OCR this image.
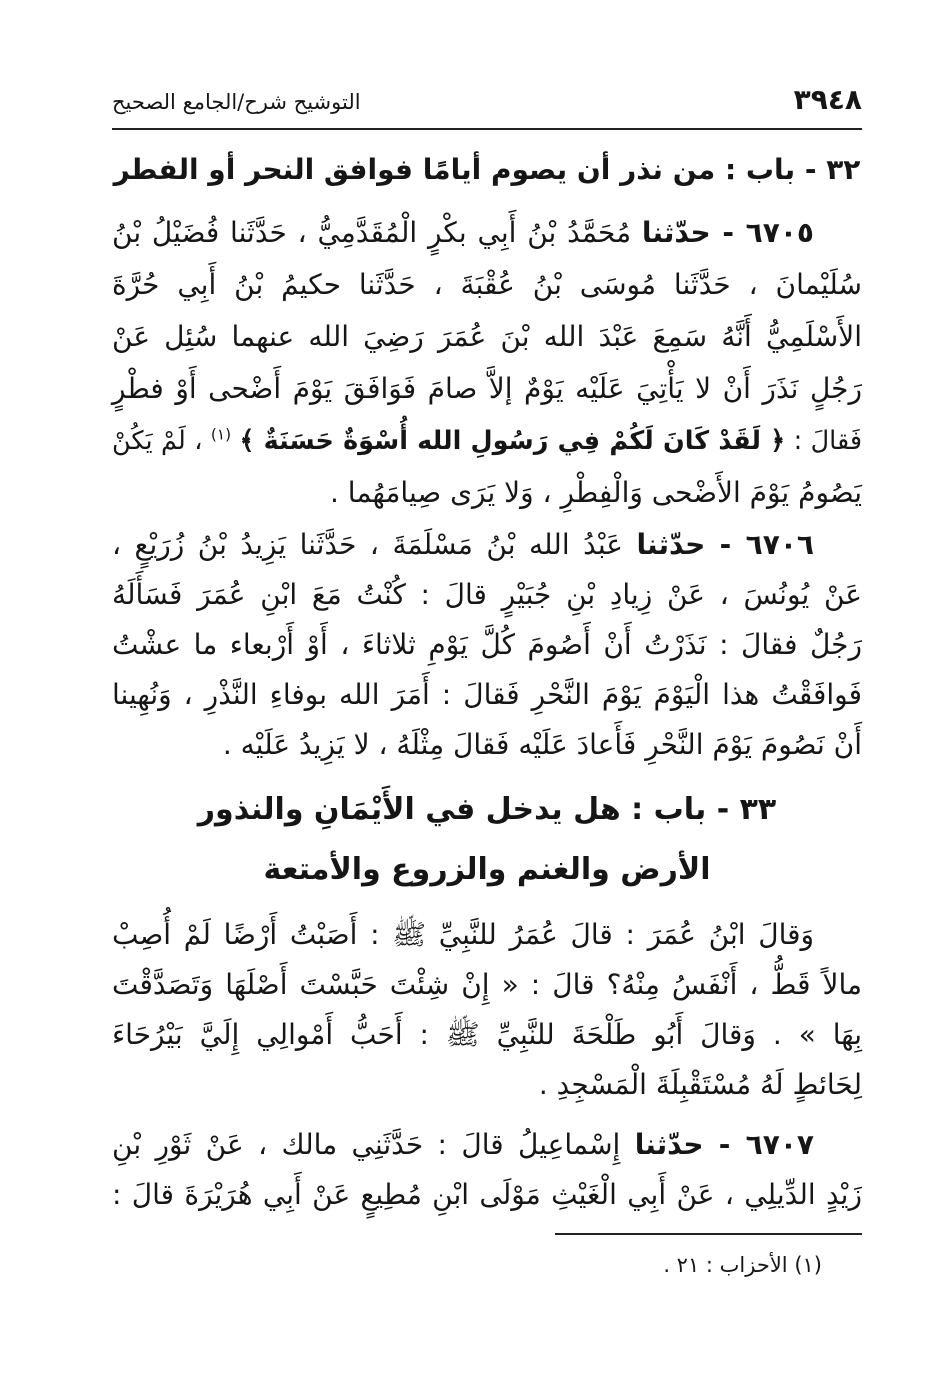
٣٩٤٨
التوشيح شرح/الجامع الصحيح
٣٢ - باب : من نذر أن يصوم أيامًا فوافق النحر أو الفطر
٦٧٠٥ - حدّثنا مُحَمَّدُ بْنُ أَبِي بكْرٍ الْمُقَدَّمِيُّ ، حَدَّثَنا فُضَيْلُ بْنُ
سُلَيْمانَ ، حَدَّثَنا مُوسَى بْنُ عُقْبَةَ ، حَدَّثَنا حكيمُ بْنُ أَبِي حُرَّةَ
الأَسْلَمِيُّ أَنَّهُ سَمِعَ عَبْدَ الله بْنَ عُمَرَ رَضِيَ الله عنهما سُئِل عَنْ
رَجُلٍ نَذَرَ أَنْ لا يَأْتِيَ عَلَيْه يَوْمٌ إلاَّ صامَ فَوَافَقَ يَوْمَ أَضْحى أَوْ فطْرٍ
فَقالَ : ﴿ لَقَدْ كَانَ لَكُمْ فِي رَسُولِ الله أُسْوَةٌ حَسَنَةٌ ﴾ $^{(١)}$ ، لَمْ يَكُنْ
يَصُومُ يَوْمَ الأَضْحى وَالْفِطْرِ ، وَلا يَرَى صِيامَهُما .
٦٧٠٦ - حدّثنا عَبْدُ الله بْنُ مَسْلَمَةَ ، حَدَّثَنا يَزِيدُ بْنُ زُرَيْعٍ ،
عَنْ يُونُسَ ، عَنْ زِيادِ بْنِ جُبَيْرٍ قالَ : كُنْتُ مَعَ ابْنِ عُمَرَ فَسَأَلَهُ
رَجُلٌ فقالَ : نَذَرْتُ أَنْ أَصُومَ كُلَّ يَوْمِ ثلاثاءَ ، أَوْ أَرْبعاء ما عشْتُ
فَوافَقْتُ هذا الْيَوْمَ يَوْمَ النَّحْرِ فَقالَ : أَمَرَ الله بوفاءِ النَّذْرِ ، وَنُهِينا
أَنْ نَصُومَ يَوْمَ النَّحْرِ فَأَعادَ عَلَيْه فَقالَ مِثْلَهُ ، لا يَزِيدُ عَلَيْه .
٣٣ - باب : هل يدخل في الأَيْمَانِ والنذور
الأرض والغنم والزروع والأمتعة
وَقالَ ابْنُ عُمَرَ : قالَ عُمَرُ للنَّبِيِّ ﷺ : أَصَبْتُ أَرْضًا لَمْ أُصِبْ
مالاً قَطُّ ، أَنْفَسُ مِنْهُ؟ قالَ : « إِنْ شِئْتَ حَبَّسْتَ أَصْلَهَا وَتَصَدَّقْتَ
بِهَا » . وَقالَ أَبُو طَلْحَةَ للنَّبِيِّ ﷺ : أَحَبُّ أَمْوالِي إِلَيَّ بَيْرُحَاءَ
لِحَائطٍ لَهُ مُسْتَقْبِلَةَ الْمَسْجِدِ .
٦٧٠٧ - حدّثنا إِسْماعِيلُ قالَ : حَدَّثَنِي مالك ، عَنْ ثَوْرِ بْنِ
زَيْدٍ الدِّيلِي ، عَنْ أَبِي الْغَيْثِ مَوْلَى ابْنِ مُطِيعٍ عَنْ أَبِي هُرَيْرَةَ قالَ :
(١) الأحزاب : ٢١ .
